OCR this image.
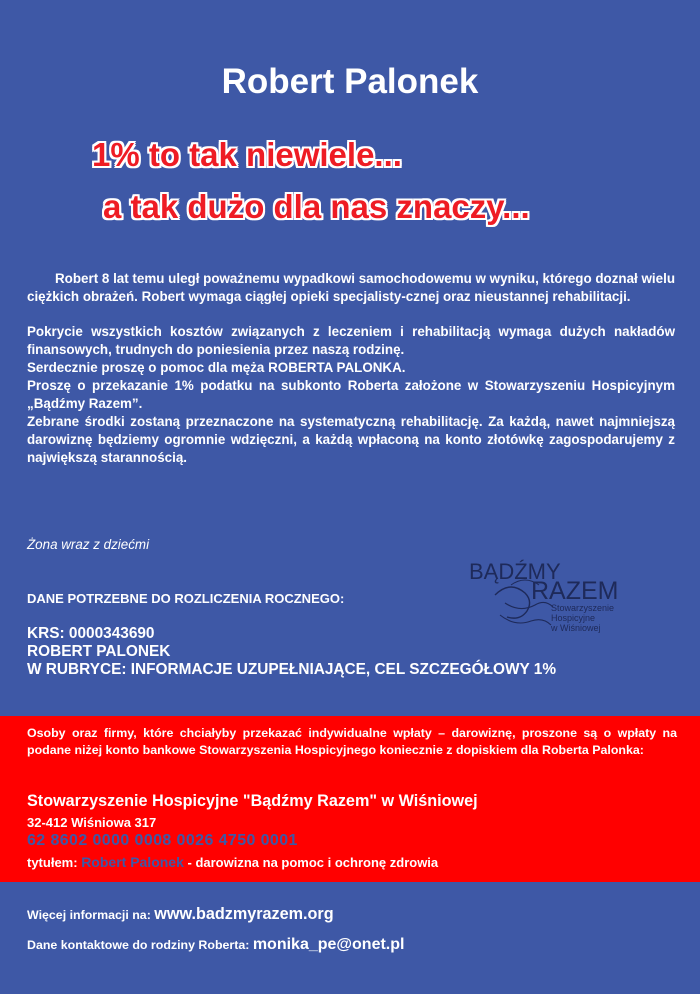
Robert Palonek
1% to tak niewiele...
a tak dużo dla nas znaczy...

Robert 8 lat temu uległ poważnemu wypadkowi samochodowemu w wyniku, którego doznał wielu ciężkich obrażeń. Robert wymaga ciągłej opieki specjalisty-cznej oraz nieustannej rehabilitacji.

Pokrycie wszystkich kosztów związanych z leczeniem i rehabilitacją wymaga dużych nakładów finansowych, trudnych do poniesienia przez naszą rodzinę.

Serdecznie proszę o pomoc dla męża ROBERTA PALONKA.

Proszę o przekazanie 1% podatku na subkonto Roberta założone w Stowarzyszeniu Hospicyjnym „Bądźmy Razem”.

Zebrane środki zostaną przeznaczone na systematyczną rehabilitację. Za każdą, nawet najmniejszą darowiznę będziemy ogromnie wdzięczni, a każdą wpłaconą na konto złotówkę zagospodarujemy z największą starannością.

Żona wraz z dziećmi
BĄDŹMY
RAZEM
Stowarzyszenie
Hospicyjne
w Wiśniowej
DANE POTRZEBNE DO ROZLICZENIA ROCZNEGO:
KRS: 0000343690
ROBERT PALONEK
W RUBRYCE: INFORMACJE UZUPEŁNIAJĄCE, CEL SZCZEGÓŁOWY 1%
Osoby oraz firmy, które chciałyby przekazać indywidualne wpłaty – darowiznę, proszone są o wpłaty na podane niżej konto bankowe Stowarzyszenia Hospicyjnego koniecznie z dopiskiem dla Roberta Palonka:
Stowarzyszenie Hospicyjne "Bądźmy Razem" w Wiśniowej
32-412 Wiśniowa 317
62 8602 0000 0008 0026 4750 0001
tytułem: Robert Palonek - darowizna na pomoc i ochronę zdrowia
Więcej informacji na: www.badzmyrazem.org
Dane kontaktowe do rodziny Roberta: monika_pe@onet.pl
